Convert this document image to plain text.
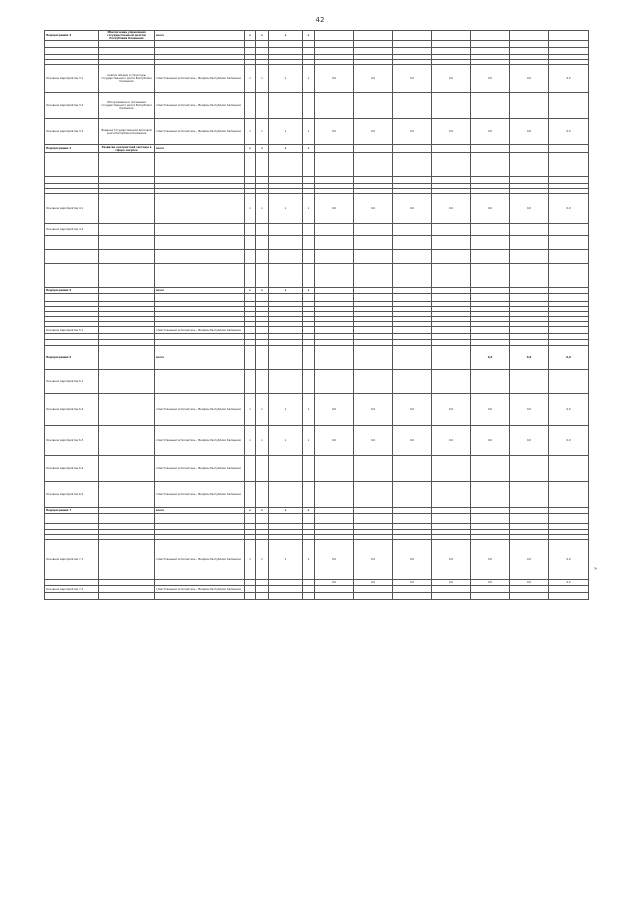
42
Подпрограмма 3	Обеспечение управления государственным долгом Республики Калмыкия	всего	х	х	х	х							

Основное мероприятие 3.1	Анализ объема и структуры государственного долга Республики Калмыкия	ответственный исполнитель - Минфин Республики Калмыкия	х	х	х	х	0,0	0,0	0,0	0,0	0,0	0,0	0,0
Основное мероприятие 3.2	Обслуживание и погашение государственного долга Республики Калмыкия	ответственный исполнитель - Минфин Республики Калмыкия											
Основное мероприятие 3.3	Ведение Государственной долговой книги Республики Калмыкия	ответственный исполнитель - Минфин Республики Калмыкия	х	х	х	х	0,0	0,0	0,0	0,0	0,0	0,0	0,0
Подпрограмма 4	Развитие контрактной системы в сфере закупок	всего	х	х	х	х							

Основное мероприятие 4.1			х	х	х	х	0,0	0,0	0,0	0,0	0,0	0,0	0,0
Основное мероприятие 4.2													

Подпрограмма 5		всего	х	х	х	х							

Основное мероприятие 5.1		ответственный исполнитель - Минфин Республики Калмыкия											

Подпрограмма 6		всего									0,0	0,0	0,0
Основное мероприятие 6.1													
Основное мероприятие 6.2		ответственный исполнитель - Минфин Республики Калмыкия	х	х	х	х	0,0	0,0	0,0	0,0	0,0	0,0	0,0
Основное мероприятие 6.3		ответственный исполнитель - Минфин Республики Калмыкия	х	х	х	х	0,0	0,0	0,0	0,0	0,0	0,0	0,0
Основное мероприятие 6.4		ответственный исполнитель - Минфин Республики Калмыкия											
Основное мероприятие 6.5		ответственный исполнитель - Минфин Республики Калмыкия											
Подпрограмма 7		всего	х	х	х	х							

Основное мероприятие 7.1		ответственный исполнитель - Минфин Республики Калмыкия	х	х	х	х	0,0	0,0	0,0	0,0	0,0	0,0	0,0
							0,0	0,0	0,0	0,0	0,0	0,0	0,0
Основное мероприятие 7.2		ответственный исполнитель - Минфин Республики Калмыкия											

»
